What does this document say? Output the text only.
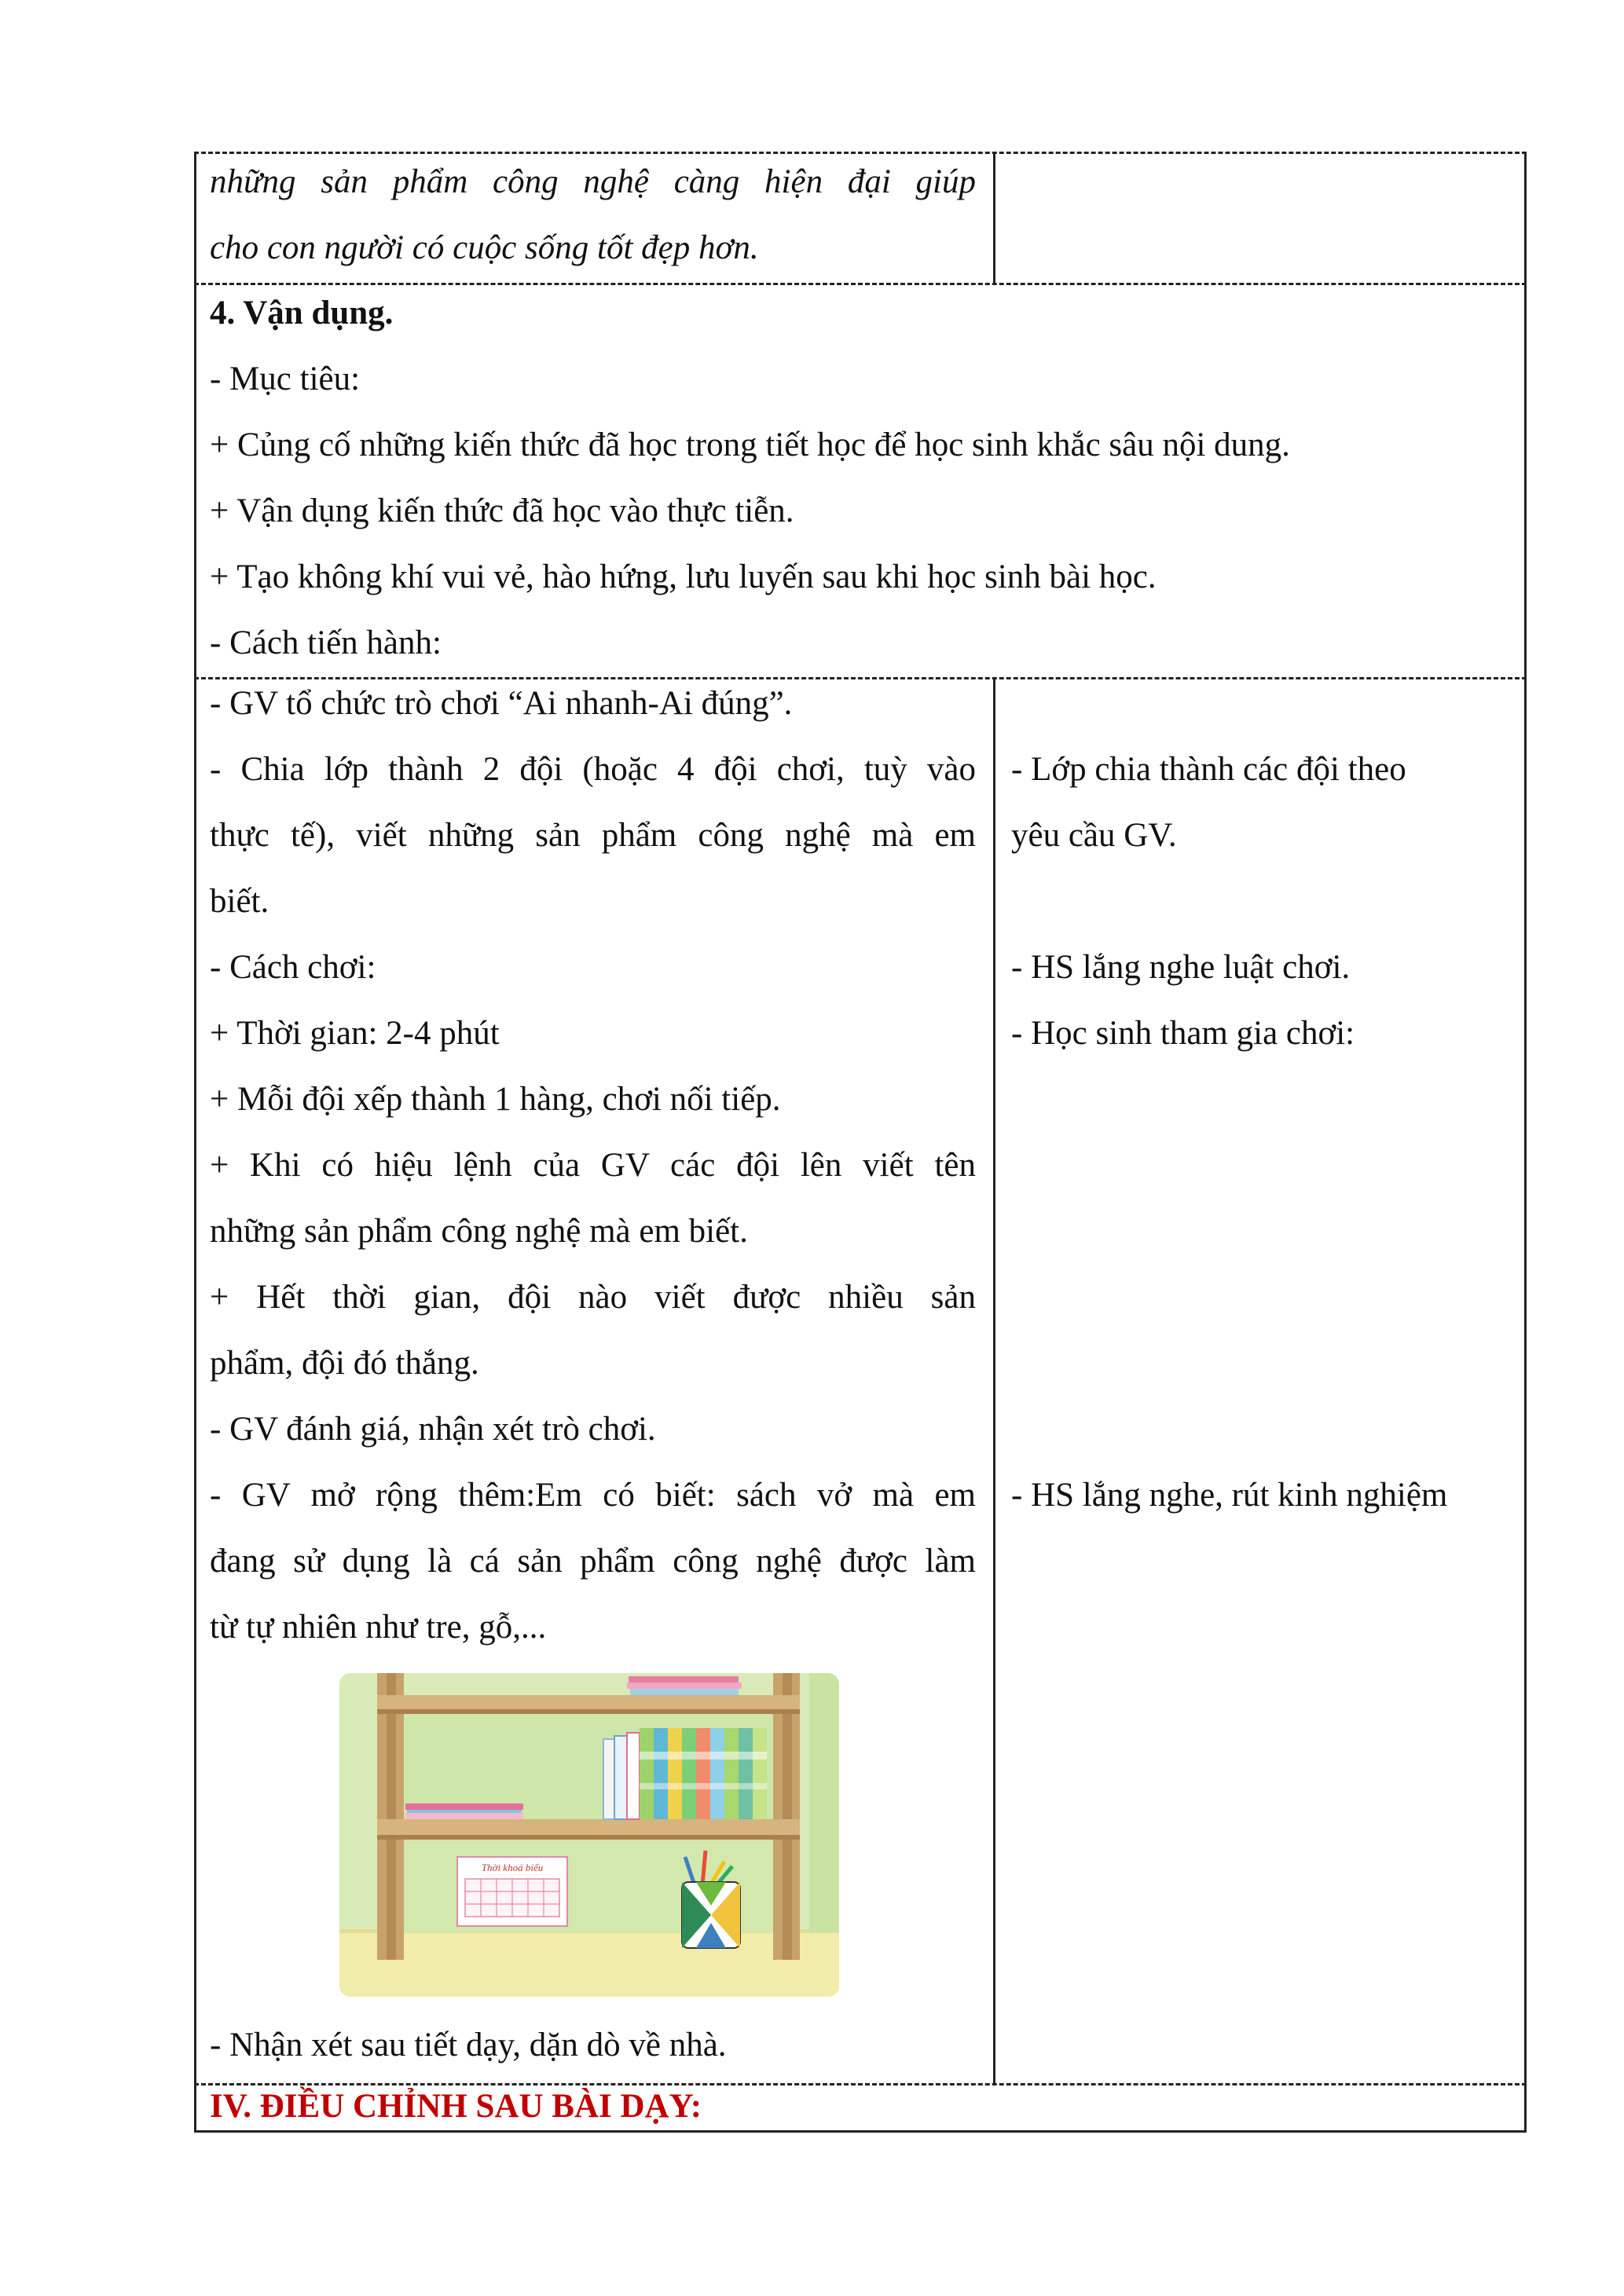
những sản phẩm công nghệ càng hiện đại giúp
cho con người có cuộc sống tốt đẹp hơn.
4. Vận dụng.
- Mục tiêu:
+ Củng cố những kiến thức đã học trong tiết học để học sinh khắc sâu nội dung.
+ Vận dụng kiến thức đã học vào thực tiễn.
+ Tạo không khí vui vẻ, hào hứng, lưu luyến sau khi học sinh bài học.
- Cách tiến hành:
- GV tổ chức trò chơi “Ai nhanh-Ai đúng”.
- Chia lớp thành 2 đội (hoặc 4 đội chơi, tuỳ vào
thực tế), viết những sản phẩm công nghệ mà em
biết.
- Cách chơi:
+ Thời gian: 2-4 phút
+ Mỗi đội xếp thành 1 hàng, chơi nối tiếp.
+ Khi có hiệu lệnh của GV các đội lên viết tên
những sản phẩm công nghệ mà em biết.
+ Hết thời gian, đội nào viết được nhiều sản
phẩm, đội đó thắng.
- GV đánh giá, nhận xét trò chơi.
- GV mở rộng thêm:Em có biết: sách vở mà em
đang sử dụng là cá sản phẩm công nghệ được làm
từ tự nhiên như tre, gỗ,...
- Nhận xét sau tiết dạy, dặn dò về nhà.
- Lớp chia thành các đội theo
yêu cầu GV.
- HS lắng nghe luật chơi.
- Học sinh tham gia chơi:
- HS lắng nghe, rút kinh nghiệm
Thời khoá biểu
IV. ĐIỀU CHỈNH SAU BÀI DẠY:
